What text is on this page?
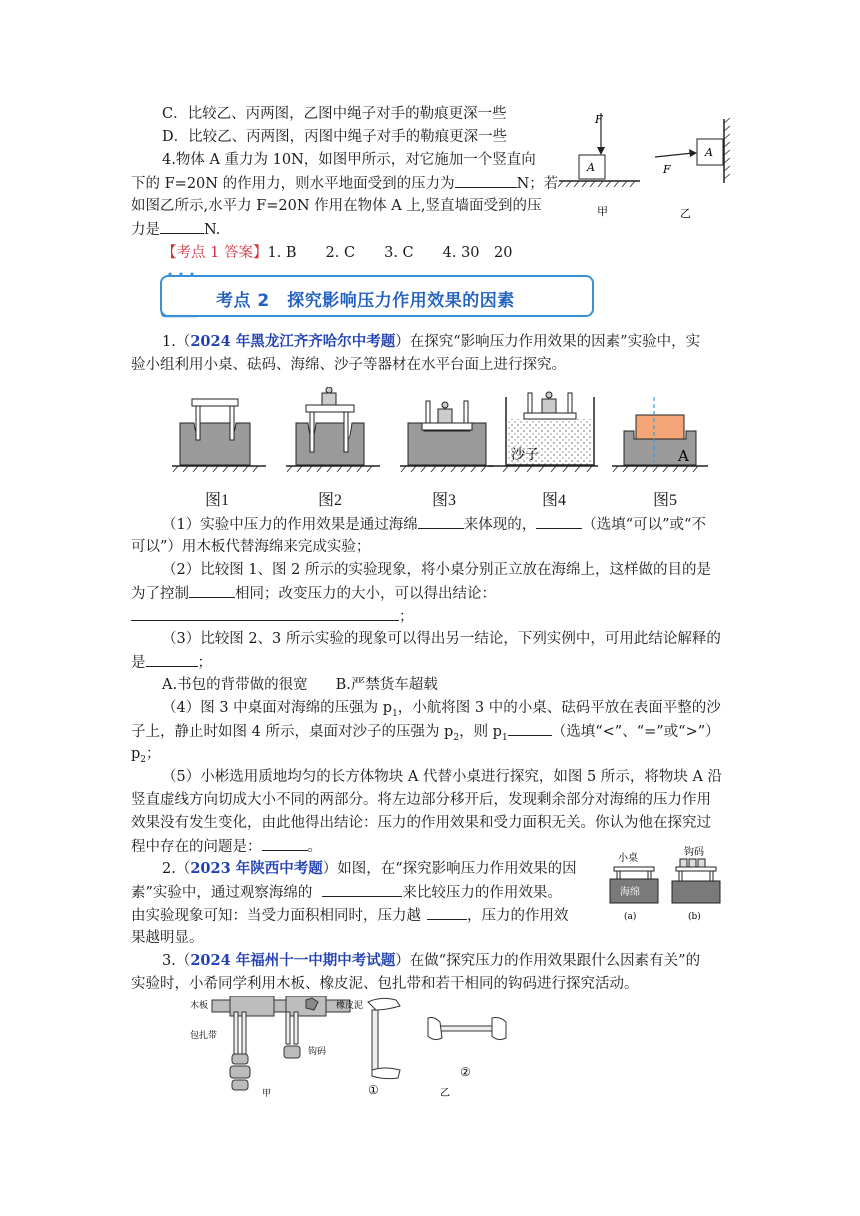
C．比较乙、丙两图，乙图中绳子对手的勒痕更深一些
D．比较乙、丙两图，丙图中绳子对手的勒痕更深一些
4.物体 A 重力为 10N，如图甲所示，对它施加一个竖直向
下的 F=20N 的作用力，则水平地面受到的压力为	N；若
如图乙所示,水平力 F=20N 作用在物体 A 上,竖直墙面受到的压
力是	N.
【考点 1 答案】1. B　　2. C　　3. C　　4. 30　20
F
A
甲
F
A
乙
考点 2　探究影响压力作用效果的因素
1.（2024 年黑龙江齐齐哈尔中考题）在探究“影响压力作用效果的因素”实验中，实
验小组利用小桌、砝码、海绵、沙子等器材在水平台面上进行探究。
沙子	A
图1	图2	图3	图4	图5
（1）实验中压力的作用效果是通过海绵	来体现的，	（选填“可以”或“不
可以”）用木板代替海绵来完成实验；
（2）比较图 1、图 2 所示的实验现象，将小桌分别正立放在海绵上，这样做的目的是
为了控制	相同；改变压力的大小，可以得出结论：
；
（3）比较图 2、3 所示实验的现象可以得出另一结论，下列实例中，可用此结论解释的
是	；
A.书包的背带做的很宽 B.严禁货车超载
（4）图 3 中桌面对海绵的压强为 $p_1$，小航将图 3 中的小桌、砝码平放在表面平整的沙
子上，静止时如图 4 所示，桌面对沙子的压强为 $p_2$，则 $p_1$	（选填“<”、“=”或“>”）
$p_2$；
（5）小彬选用质地均匀的长方体物块 A 代替小桌进行探究，如图 5 所示，将物块 A 沿
竖直虚线方向切成大小不同的两部分。将左边部分移开后，发现剩余部分对海绵的压力作用
效果没有发生变化，由此他得出结论：压力的作用效果和受力面积无关。你认为他在探究过
程中存在的问题是：	。
2.（2023 年陕西中考题）如图，在“探究影响压力作用效果的因
素”实验中，通过观察海绵的	来比较压力的作用效果。
由实验现象可知：当受力面积相同时，压力越	，压力的作用效
果越明显。
小桌
海绵
(a)
钩码
(b)
3.（2024 年福州十一中期中考试题）在做“探究压力的作用效果跟什么因素有关”的
实验时，小希同学利用木板、橡皮泥、包扎带和若干相同的钩码进行探究活动。
木板	橡皮泥
包扎带
钩码
甲	①
②
乙
